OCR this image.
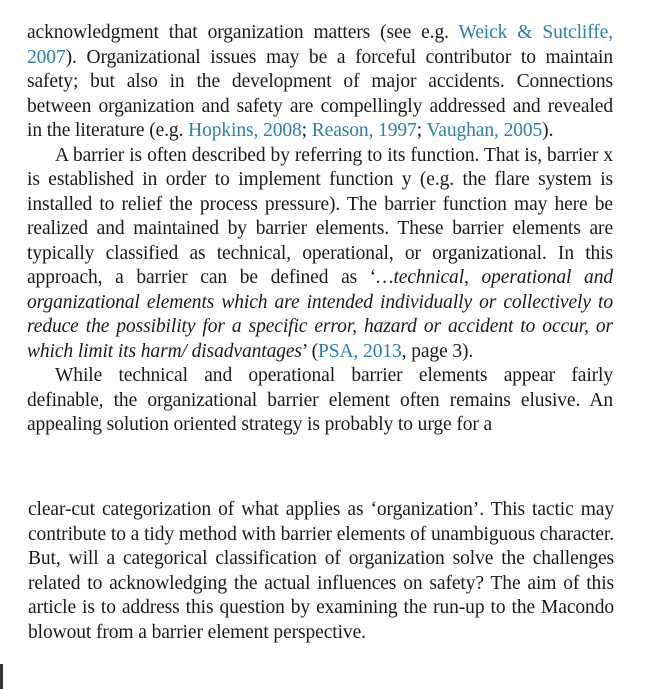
acknowledgment that organization matters (see e.g. Weick & Sutcliffe, 2007). Organizational issues may be a forceful contributor to maintain safety; but also in the development of major accidents. Connections between organization and safety are compellingly addressed and revealed in the literature (e.g. Hopkins, 2008; Reason, 1997; Vaughan, 2005).

A barrier is often described by referring to its function. That is, barrier x is established in order to implement function y (e.g. the flare system is installed to relief the process pressure). The barrier function may here be realized and maintained by barrier elements. These barrier elements are typically classified as technical, operational, or organizational. In this approach, a barrier can be defined as ‘…technical, operational and organizational elements which are intended individually or collectively to reduce the possibility for a specific error, hazard or accident to occur, or which limit its harm/ disadvantages’ (PSA, 2013, page 3).

While technical and operational barrier elements appear fairly definable, the organizational barrier element often remains elusive. An appealing solution oriented strategy is probably to urge for a

clear-cut categorization of what applies as ‘organization’. This tactic may contribute to a tidy method with barrier elements of unambiguous character. But, will a categorical classification of organization solve the challenges related to acknowledging the actual influences on safety? The aim of this article is to address this question by examining the run-up to the Macondo blowout from a barrier element perspective.
